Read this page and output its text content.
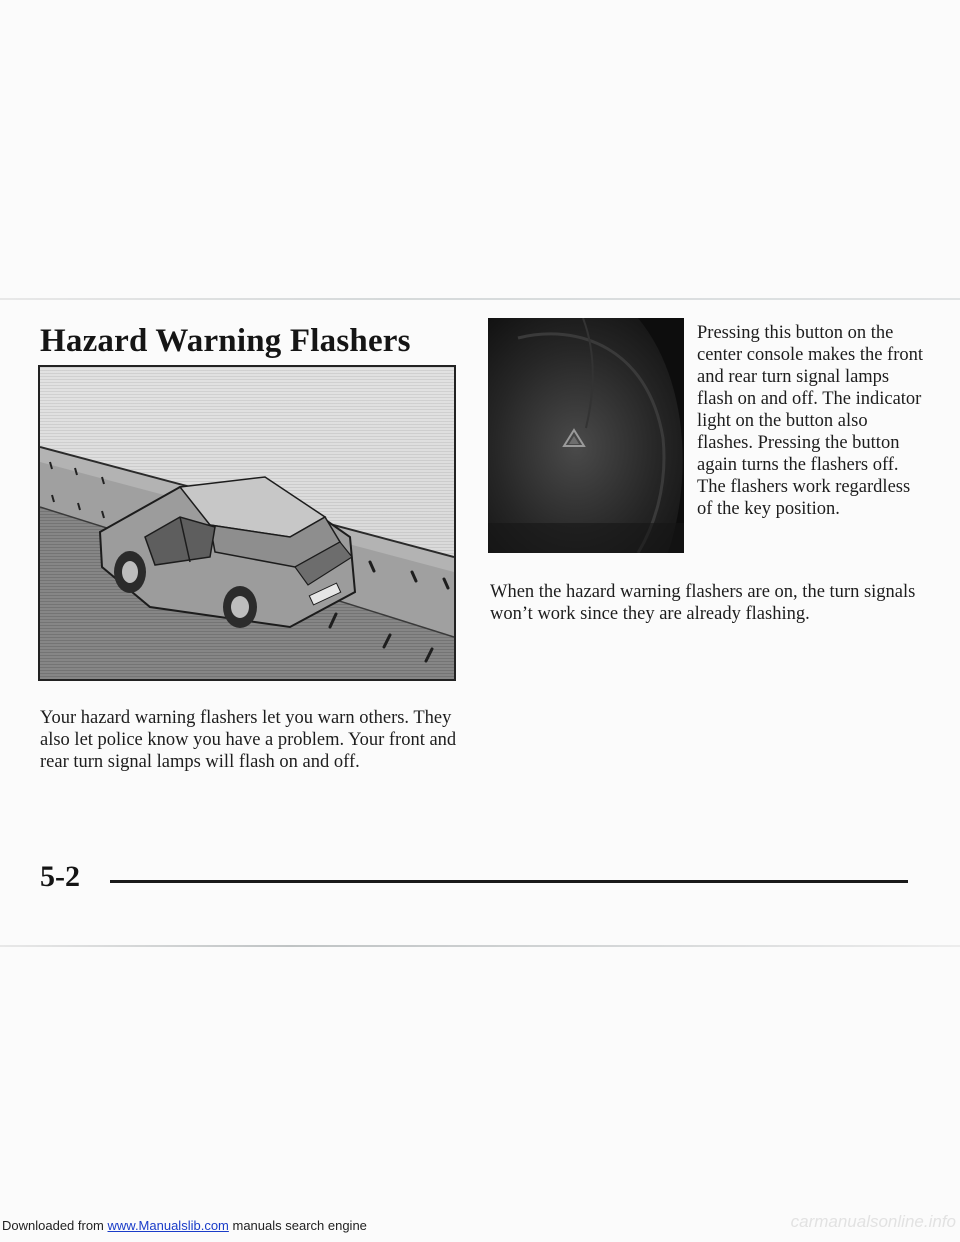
Hazard Warning Flashers	Pressing this button on the center console makes the front and rear turn signal lamps flash on and off. The indicator light on the button also flashes. Pressing the button again turns the flashers off. The flashers work regardless of the key position.

When the hazard warning flashers are on, the turn signals won’t work since they are already flashing.

Your hazard warning flashers let you warn others. They also let police know you have a problem. Your front and rear turn signal lamps will flash on and off.

5-2

Downloaded from www.Manualslib.com manuals search engine	carmanualsonline.info
